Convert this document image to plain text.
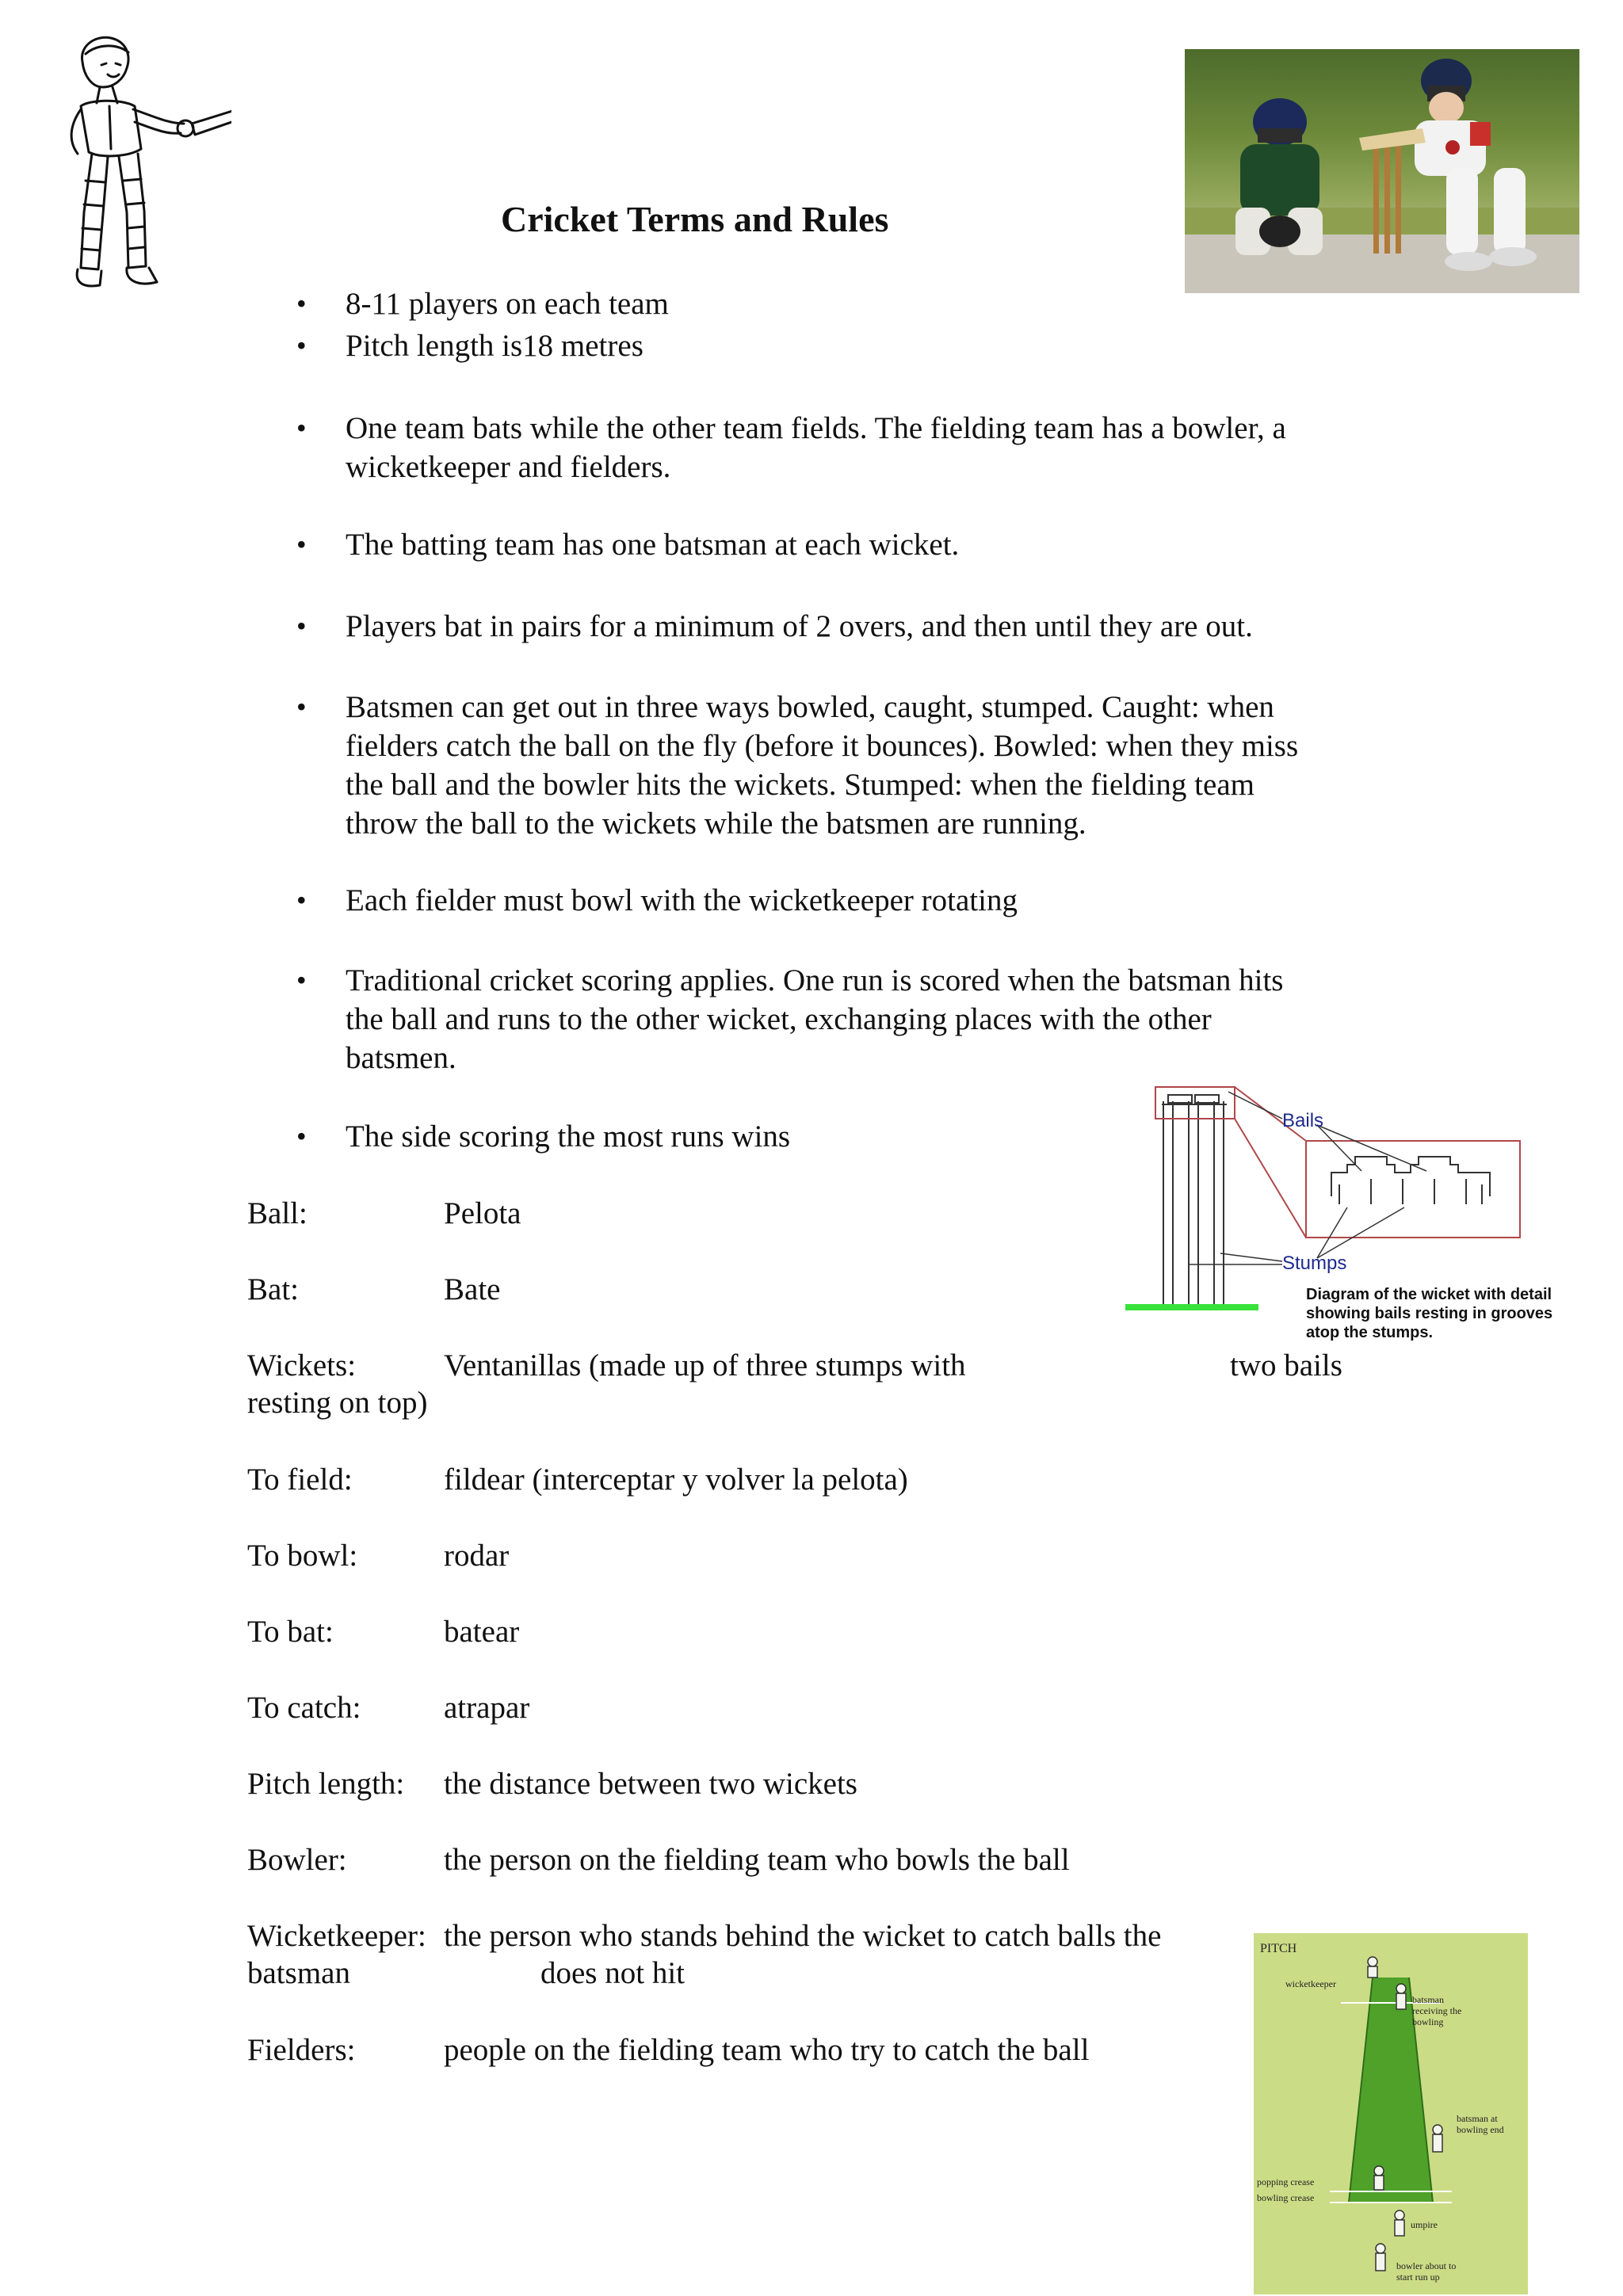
Cricket Terms and Rules
• 8-11 players on each team
• Pitch length is18 metres
• One team bats while the other team fields. The fielding team has a bowler, a
wicketkeeper and fielders.
• The batting team has one batsman at each wicket.
• Players bat in pairs for a minimum of 2 overs, and then until they are out.
• Batsmen can get out in three ways bowled, caught, stumped. Caught: when
fielders catch the ball on the fly (before it bounces). Bowled: when they miss
the ball and the bowler hits the wickets. Stumped: when the fielding team
throw the ball to the wickets while the batsmen are running.
• Each fielder must bowl with the wicketkeeper rotating
• Traditional cricket scoring applies. One run is scored when the batsman hits
the ball and runs to the other wicket, exchanging places with the other
batsmen.
• The side scoring the most runs wins	Bails
Stumps
Diagram of the wicket with detail
showing bails resting in grooves
atop the stumps.
Ball:	Pelota
Bat:	Bate
Wickets:	Ventanillas (made up of three stumps with	two bails
resting on top)
To field:	fildear (interceptar y volver la pelota)
To bowl:	rodar
To bat:	batear
To catch:	atrapar
Pitch length: the distance between two wickets
Bowler:	the person on the fielding team who bowls the ball
Wicketkeeper: the person who stands behind the wicket to catch balls the
batsman	does not hit
Fielders:	people on the fielding team who try to catch the ball
PITCH
wicketkeeper
batsman
receiving the
bowling
batsman at
bowling end
popping crease
bowling crease
umpire
bowler about to
start run up
